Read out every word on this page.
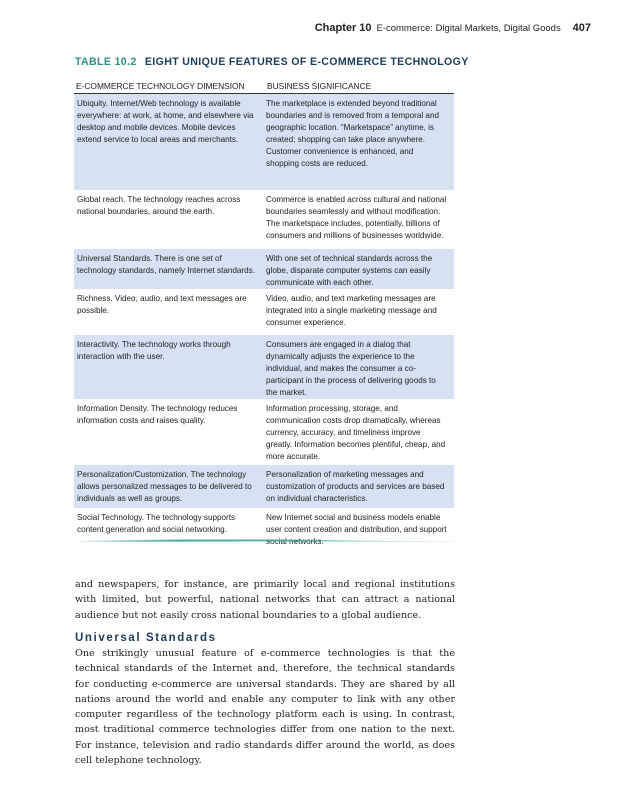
Chapter 10 E-commerce: Digital Markets, Digital Goods 407
TABLE 10.2 EIGHT UNIQUE FEATURES OF E-COMMERCE TECHNOLOGY
E-COMMERCE TECHNOLOGY DIMENSION	BUSINESS SIGNIFICANCE
Ubiquity. Internet/Web technology is available everywhere: at work, at home, and elsewhere via desktop and mobile devices. Mobile devices extend service to local areas and merchants.
The marketplace is extended beyond traditional boundaries and is removed from a temporal and geographic location. “Marketspace” anytime, is created; shopping can take place anywhere. Customer convenience is enhanced, and shopping costs are reduced.
Global reach. The technology reaches across national boundaries, around the earth.
Commerce is enabled across cultural and national boundaries seamlessly and without modification. The marketspace includes, potentially, billions of consumers and millions of businesses worldwide.
Universal Standards. There is one set of technology standards, namely Internet standards.
With one set of technical standards across the globe, disparate computer systems can easily communicate with each other.
Richness. Video, audio, and text messages are possible.
Video, audio, and text marketing messages are integrated into a single marketing message and consumer experience.
Interactivity. The technology works through interaction with the user.
Consumers are engaged in a dialog that dynamically adjusts the experience to the individual, and makes the consumer a co-participant in the process of delivering goods to the market.
Information Density. The technology reduces information costs and raises quality.
Information processing, storage, and communication costs drop dramatically, whereas currency, accuracy, and timeliness improve greatly. Information becomes plentiful, cheap, and more accurate.
Personalization/Customization. The technology allows personalized messages to be delivered to individuals as well as groups.
Personalization of marketing messages and customization of products and services are based on individual characteristics.
Social Technology. The technology supports content generation and social networking.
New Internet social and business models enable user content creation and distribution, and support
and newspapers, for instance, are primarily local and regional institutions with limited, but powerful, national networks that can attract a national audience but not easily cross national boundaries to a global audience.
Universal Standards
One strikingly unusual feature of e-commerce technologies is that the technical standards of the Internet and, therefore, the technical standards for conducting e-commerce are universal standards. They are shared by all nations around the world and enable any computer to link with any other computer regardless of the technology platform each is using. In contrast, most traditional commerce technologies differ from one nation to the next. For instance, television and radio standards differ around the world, as does cell telephone technology.
